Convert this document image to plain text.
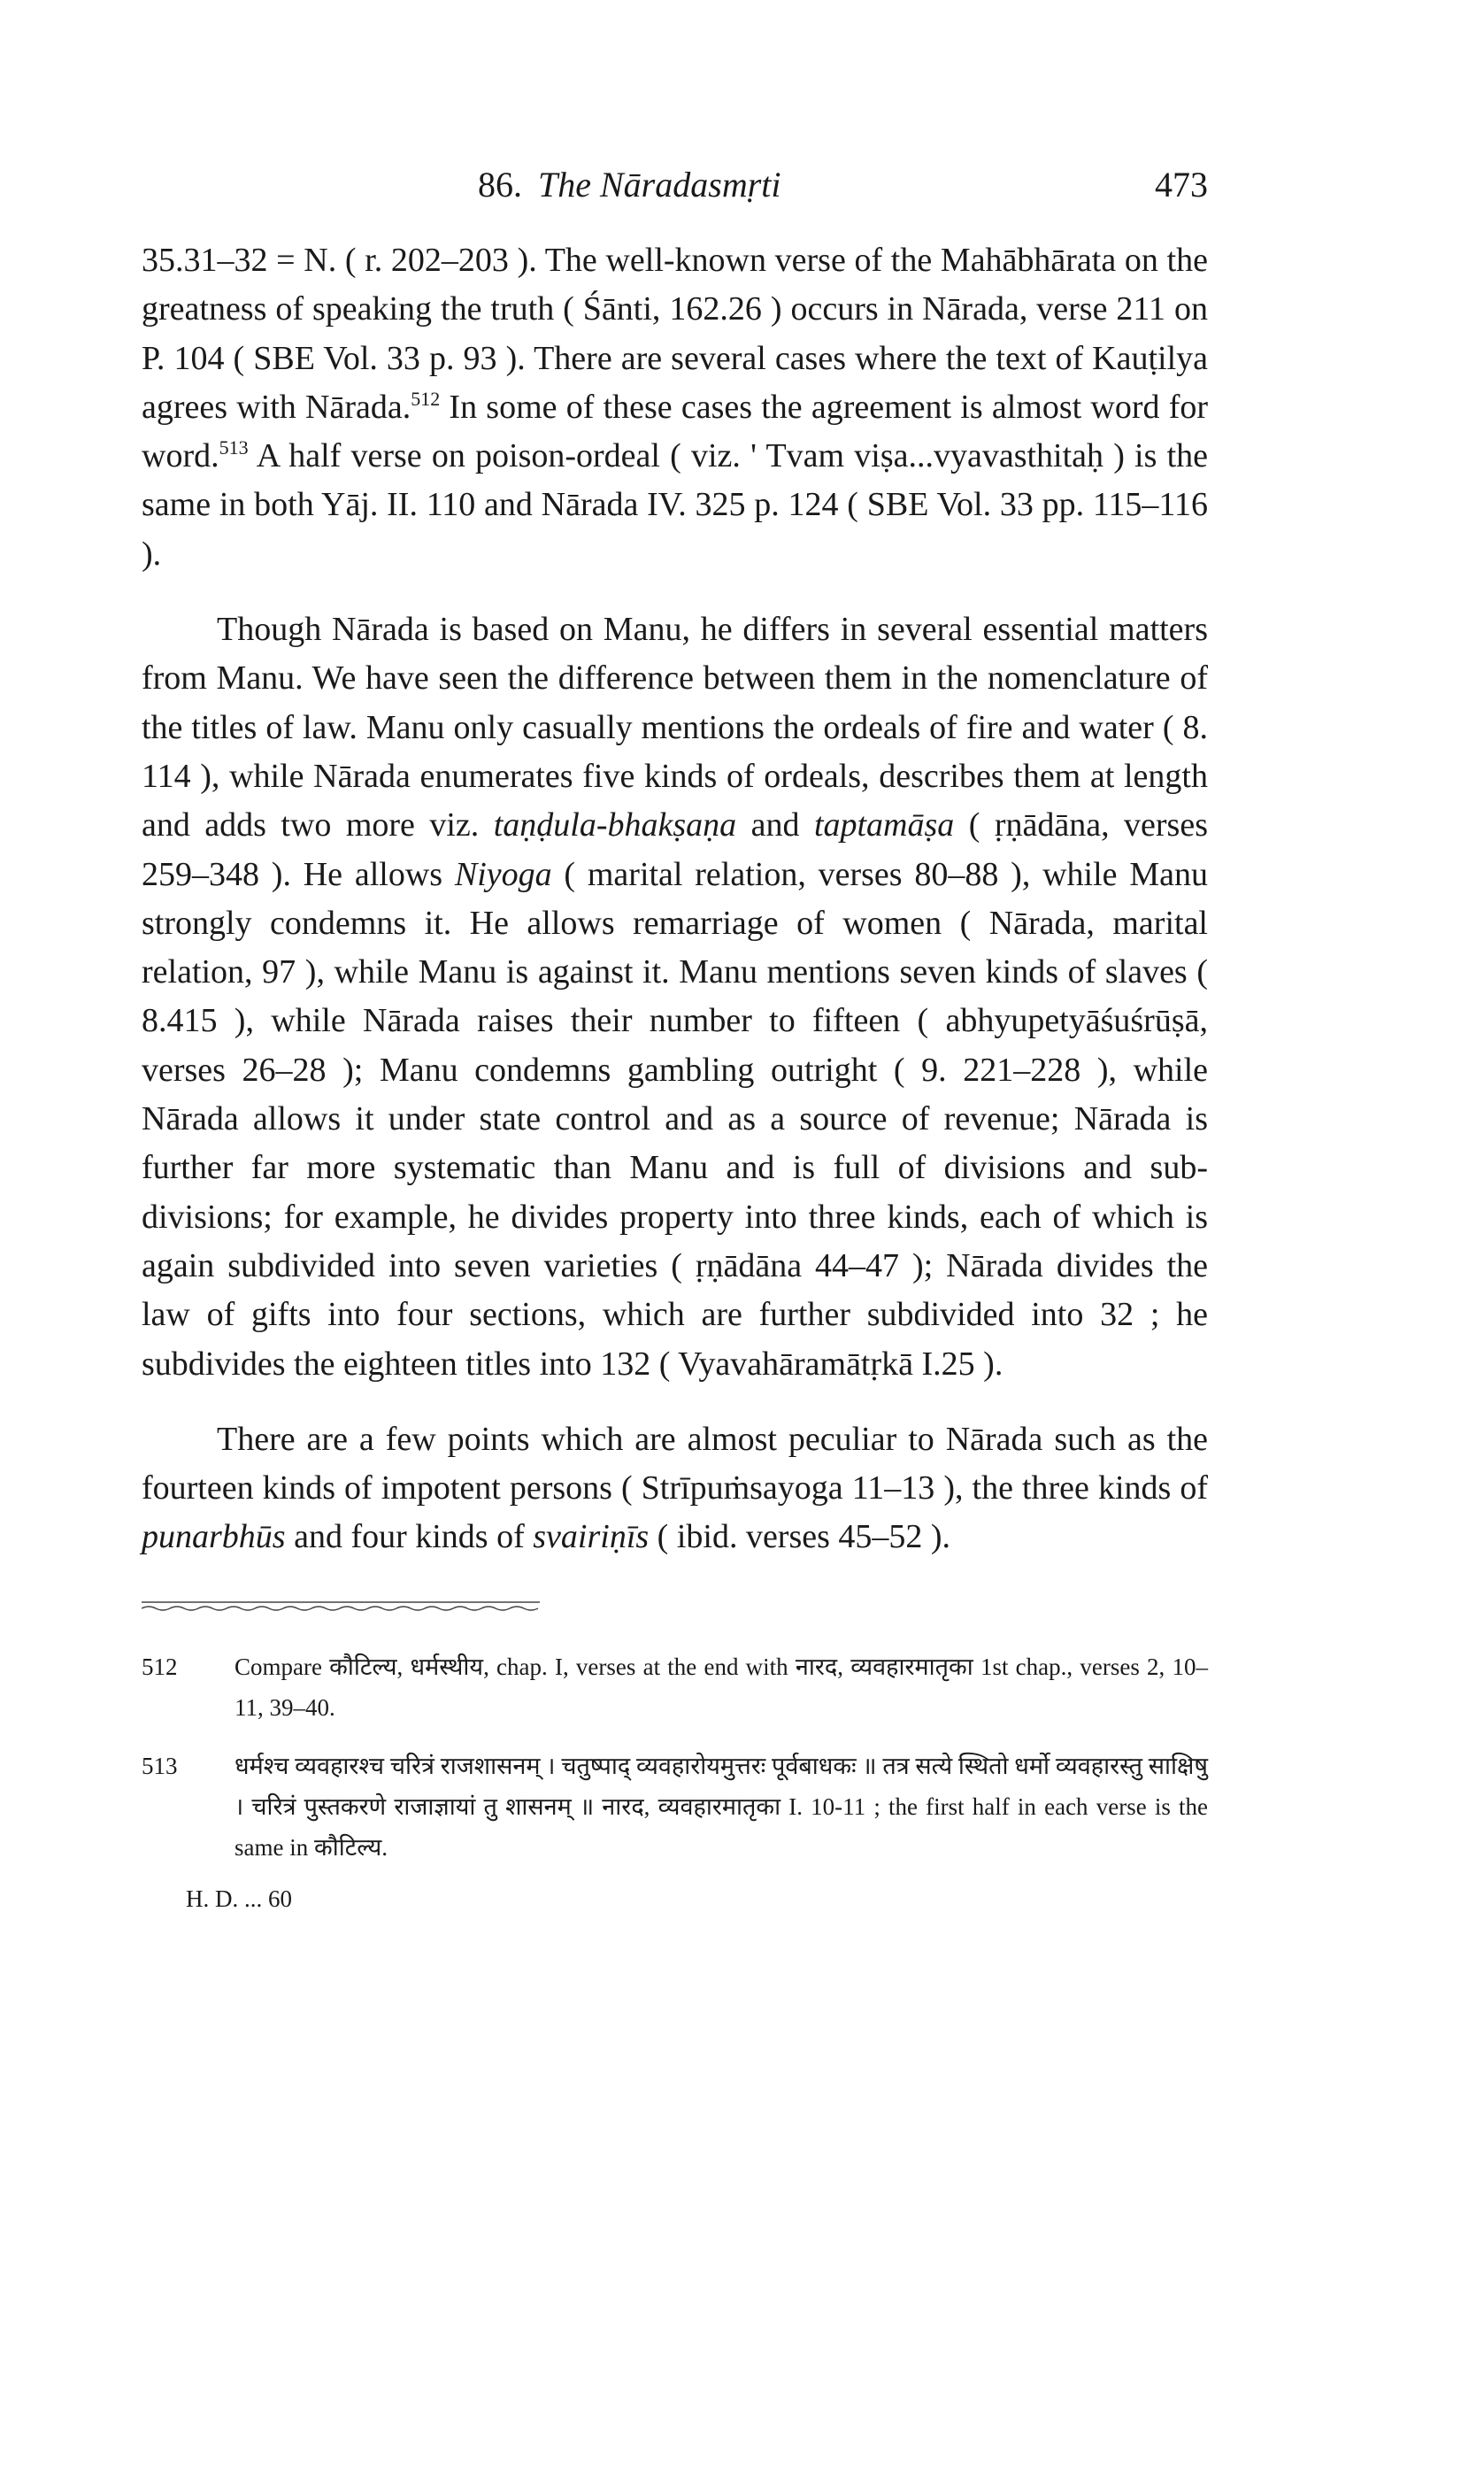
86. The Nāradasmṛti	473

35.31–32 = N. ( r. 202–203 ). The well-known verse of the Mahābhārata on the greatness of speaking the truth ( Śānti, 162.26 ) occurs in Nārada, verse 211 on P. 104 ( SBE Vol. 33 p. 93 ). There are several cases where the text of Kauṭilya agrees with Nārada.$^{512}$ In some of these cases the agreement is almost word for word.$^{513}$ A half verse on poison-ordeal ( viz. ' Tvam viṣa...vyavasthitaḥ ) is the same in both Yāj. II. 110 and Nārada IV. 325 p. 124 ( SBE Vol. 33 pp. 115–116 ).

Though Nārada is based on Manu, he differs in several essential matters from Manu. We have seen the difference between them in the nomenclature of the titles of law. Manu only casually mentions the ordeals of fire and water ( 8. 114 ), while Nārada enumerates five kinds of ordeals, describes them at length and adds two more viz. taṇḍula-bhakṣaṇa and taptamāṣa ( ṛṇādāna, verses 259–348 ). He allows Niyoga ( marital relation, verses 80–88 ), while Manu strongly condemns it. He allows remarriage of women ( Nārada, marital relation, 97 ), while Manu is against it. Manu mentions seven kinds of slaves ( 8.415 ), while Nārada raises their number to fifteen ( abhyupetyāśuśrūṣā, verses 26–28 ); Manu condemns gambling outright ( 9. 221–228 ), while Nārada allows it under state control and as a source of revenue; Nārada is further far more systematic than Manu and is full of divisions and sub-divisions; for example, he divides property into three kinds, each of which is again subdivided into seven varieties ( ṛṇādāna 44–47 ); Nārada divides the law of gifts into four sections, which are further subdivided into 32 ; he subdivides the eighteen titles into 132 ( Vyavahāramātṛkā I.25 ).

There are a few points which are almost peculiar to Nārada such as the fourteen kinds of impotent persons ( Strīpuṁsayoga 11–13 ), the three kinds of punarbhūs and four kinds of svairiṇīs ( ibid. verses 45–52 ).

512	Compare कौटिल्य, धर्मस्थीय, chap. I, verses at the end with नारद, व्यवहारमातृका 1st chap., verses 2, 10–11, 39–40.
513	धर्मश्च व्यवहारश्च चरित्रं राजशासनम् । चतुष्पाद् व्यवहारोयमुत्तरः पूर्वबाधकः ॥ तत्र सत्ये स्थितो धर्मो व्यवहारस्तु साक्षिषु । चरित्रं पुस्तकरणे राजाज्ञायां तु शासनम् ॥ नारद, व्यवहारमातृका I. 10-11 ; the first half in each verse is the same in कौटिल्य.
H. D. ... 60
